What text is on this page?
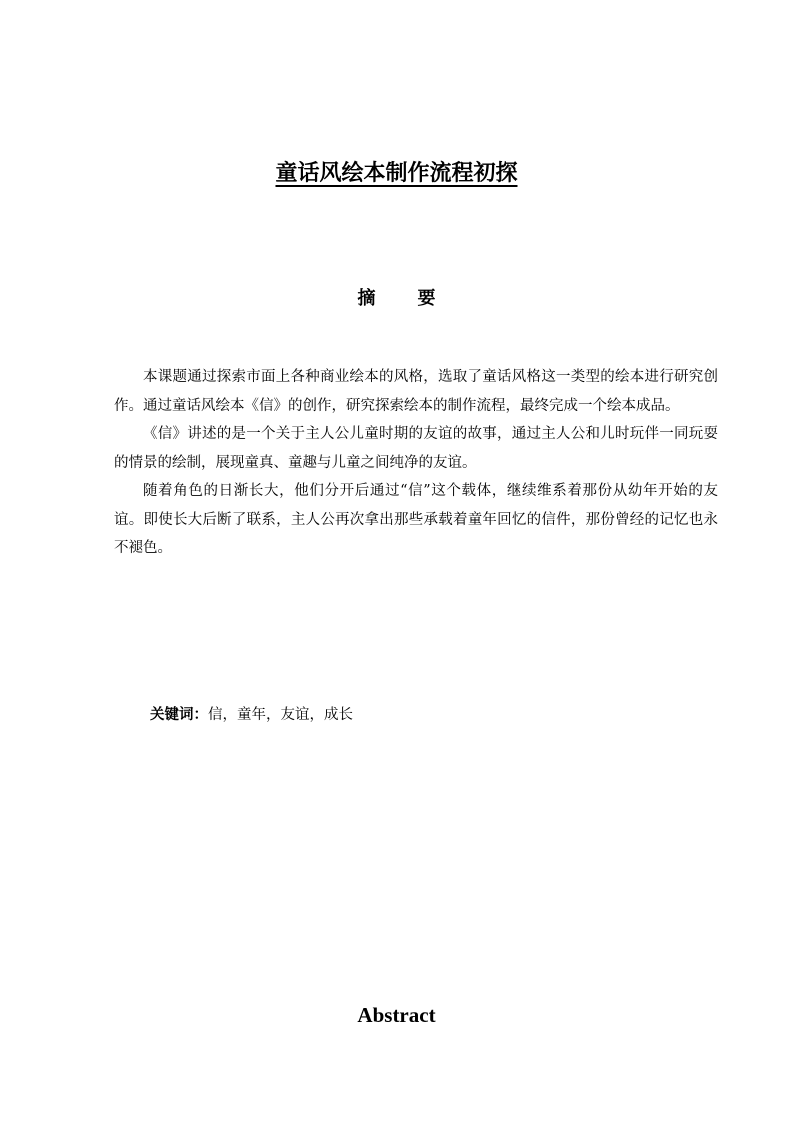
童话风绘本制作流程初探
摘 要

本课题通过探索市面上各种商业绘本的风格，选取了童话风格这一类型的绘本进行研究创作。通过童话风绘本《信》的创作，研究探索绘本的制作流程，最终完成一个绘本成品。

《信》讲述的是一个关于主人公儿童时期的友谊的故事，通过主人公和儿时玩伴一同玩耍的情景的绘制，展现童真、童趣与儿童之间纯净的友谊。

随着角色的日渐长大，他们分开后通过“信”这个载体，继续维系着那份从幼年开始的友谊。即使长大后断了联系，主人公再次拿出那些承载着童年回忆的信件，那份曾经的记忆也永不褪色。

关键词：信，童年，友谊，成长
Abstract
